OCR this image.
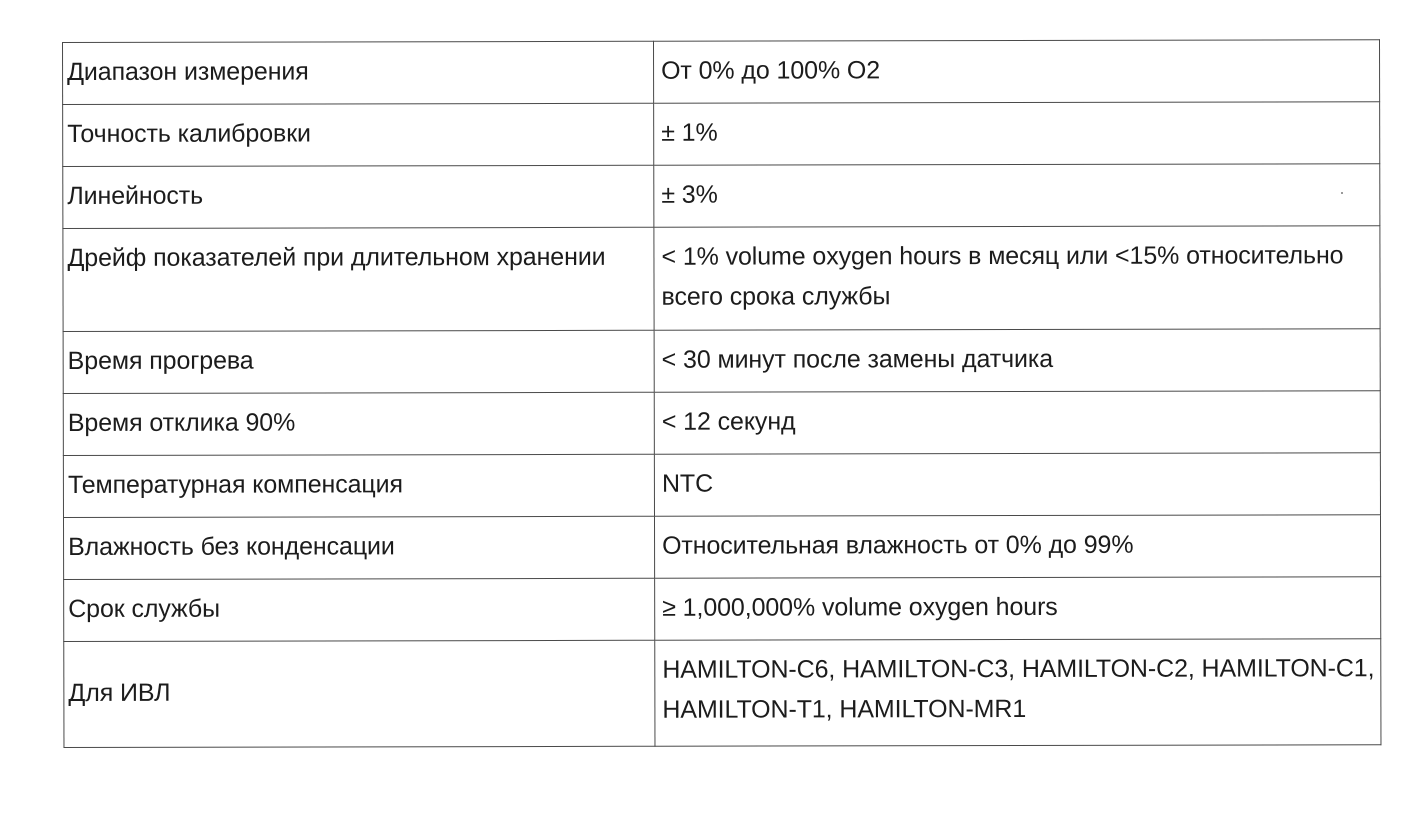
Диапазон измерения	От 0% до 100% О2
Точность калибровки	± 1%
Линейность	± 3%
Дрейф показателей при длительном хранении	< 1% volume oxygen hours в месяц или <15% относительно всего срока службы
Время прогрева	< 30 минут после замены датчика
Время отклика 90%	< 12 секунд
Температурная компенсация	NTC
Влажность без конденсации	Относительная влажность от 0% до 99%
Срок службы	≥ 1,000,000% volume oxygen hours
Для ИВЛ	HAMILTON-C6, HAMILTON-C3, HAMILTON-C2, HAMILTON-C1, HAMILTON-T1, HAMILTON-MR1
